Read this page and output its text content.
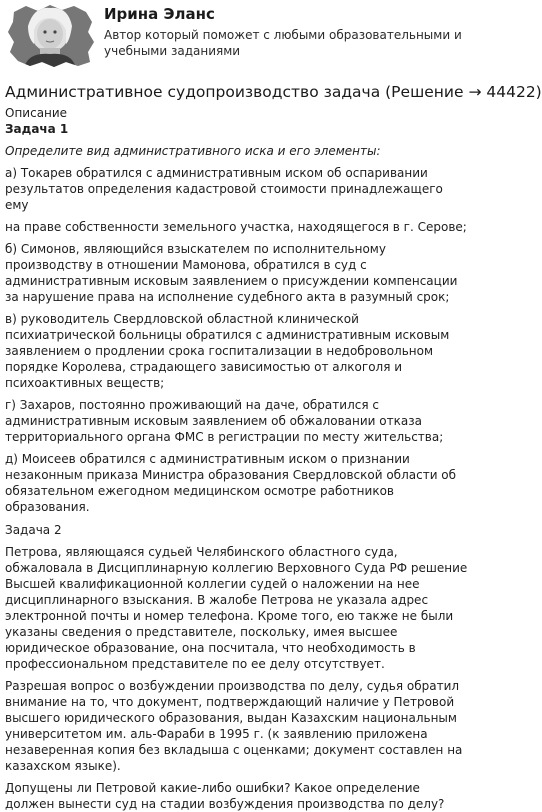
Ирина Эланс
Автор который поможет с любыми образовательными и учебными заданиями
Административное судопроизводство задача (Решение → 44422)
Описание
Задача 1
Определите вид административного иска и его элементы:

а) Токарев обратился с административным иском об оспаривании результатов определения кадастровой стоимости принадлежащего ему

на праве собственности земельного участка, находящегося в г. Серове;

б) Симонов, являющийся взыскателем по исполнительному производству в отношении Мамонова, обратился в суд с административным исковым заявлением о присуждении компенсации за нарушение права на исполнение судебного акта в разумный срок;

в) руководитель Свердловской областной клинической психиатрической больницы обратился с административным исковым заявлением о продлении срока госпитализации в недобровольном порядке Королева, страдающего зависимостью от алкоголя и психоактивных веществ;

г) Захаров, постоянно проживающий на даче, обратился с административным исковым заявлением об обжаловании отказа территориального органа ФМС в регистрации по месту жительства;

д) Моисеев обратился с административным иском о признании незаконным приказа Министра образования Свердловской области об обязательном ежегодном медицинском осмотре работников образования.

Задача 2

Петрова, являющаяся судьей Челябинского областного суда, обжаловала в Дисциплинарную коллегию Верховного Суда РФ решение Высшей квалификационной коллегии судей о наложении на нее дисциплинарного взыскания. В жалобе Петрова не указала адрес электронной почты и номер телефона. Кроме того, ею также не были указаны сведения о представителе, поскольку, имея высшее юридическое образование, она посчитала, что необходимость в профессиональном представителе по ее делу отсутствует.

Разрешая вопрос о возбуждении производства по делу, судья обратил внимание на то, что документ, подтверждающий наличие у Петровой высшего юридического образования, выдан Казахским национальным университетом им. аль-Фараби в 1995 г. (к заявлению приложена незаверенная копия без вкладыша с оценками; документ составлен на казахском языке).

Допущены ли Петровой какие-либо ошибки? Какое определение должен вынести суд на стадии возбуждения производства по делу?
